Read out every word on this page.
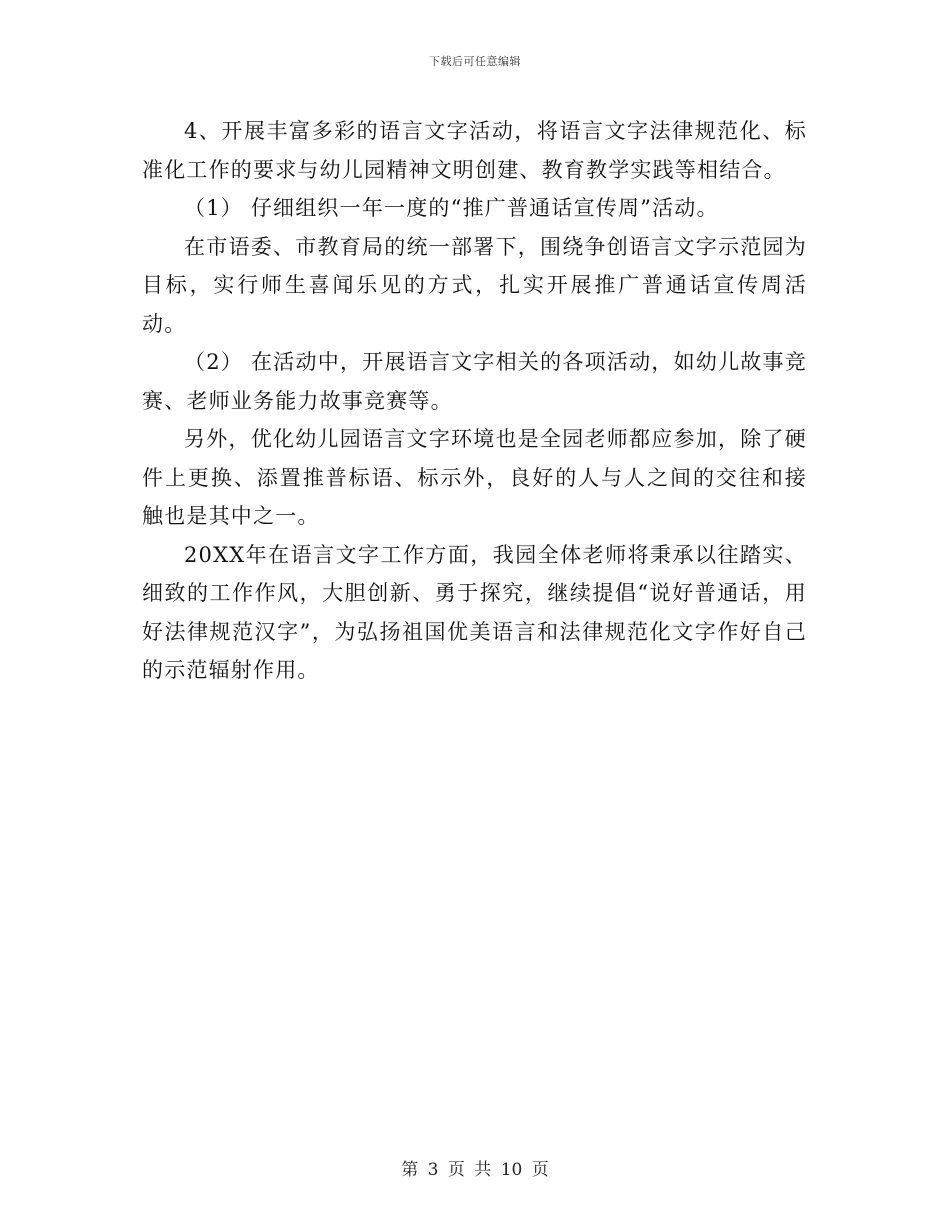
下载后可任意编辑

4、开展丰富多彩的语言文字活动，将语言文字法律规范化、标准化工作的要求与幼儿园精神文明创建、教育教学实践等相结合。

（1） 仔细组织一年一度的“推广普通话宣传周”活动。

在市语委、市教育局的统一部署下，围绕争创语言文字示范园为目标，实行师生喜闻乐见的方式，扎实开展推广普通话宣传周活动。

（2） 在活动中，开展语言文字相关的各项活动，如幼儿故事竞赛、老师业务能力故事竞赛等。

另外，优化幼儿园语言文字环境也是全园老师都应参加，除了硬件上更换、添置推普标语、标示外，良好的人与人之间的交往和接触也是其中之一。

20XX年在语言文字工作方面，我园全体老师将秉承以往踏实、细致的工作作风，大胆创新、勇于探究，继续提倡“说好普通话，用好法律规范汉字”，为弘扬祖国优美语言和法律规范化文字作好自己的示范辐射作用。

第 3 页 共 10 页
